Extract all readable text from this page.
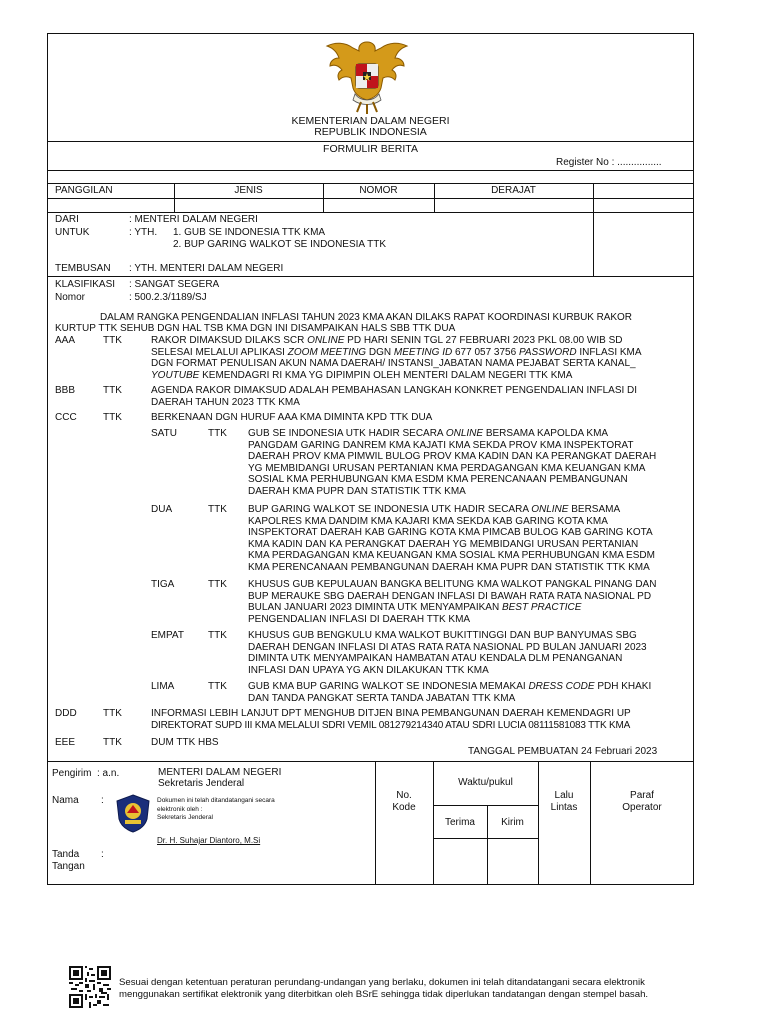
KEMENTERIAN DALAM NEGERI
REPUBLIK INDONESIA
FORMULIR BERITA
Register No : ................
PANGGILAN	JENIS	NOMOR	DERAJAT
DARI	: MENTERI DALAM NEGERI
UNTUK	: YTH. 1. GUB SE INDONESIA TTK KMA
2. BUP GARING WALKOT SE INDONESIA TTK
TEMBUSAN : YTH. MENTERI DALAM NEGERI
KLASIFIKASI : SANGAT SEGERA
Nomor	: 500.2.3/1189/SJ
DALAM RANGKA PENGENDALIAN INFLASI TAHUN 2023 KMA AKAN DILAKS RAPAT KOORDINASI KURBUK RAKOR
KURTUP TTK SEHUB DGN HAL TSB KMA DGN INI DISAMPAIKAN HALS SBB TTK DUA
AAA	TTK	RAKOR DIMAKSUD DILAKS SCR ONLINE PD HARI SENIN TGL 27 FEBRUARI 2023 PKL 08.00 WIB SD
SELESAI MELALUI APLIKASI ZOOM MEETING DGN MEETING ID 677 057 3756 PASSWORD INFLASI KMA
DGN FORMAT PENULISAN AKUN NAMA DAERAH/ INSTANSI_JABATAN NAMA PEJABAT SERTA KANAL_
YOUTUBE KEMENDAGRI RI KMA YG DIPIMPIN OLEH MENTERI DALAM NEGERI TTK KMA
BBB	TTK	AGENDA RAKOR DIMAKSUD ADALAH PEMBAHASAN LANGKAH KONKRET PENGENDALIAN INFLASI DI
DAERAH TAHUN 2023 TTK KMA
CCC	TTK	BERKENAAN DGN HURUF AAA KMA DIMINTA KPD TTK DUA
SATU	TTK GUB SE INDONESIA UTK HADIR SECARA ONLINE BERSAMA KAPOLDA KMA
PANGDAM GARING DANREM KMA KAJATI KMA SEKDA PROV KMA INSPEKTORAT
DAERAH PROV KMA PIMWIL BULOG PROV KMA KADIN DAN KA PERANGKAT DAERAH
YG MEMBIDANGI URUSAN PERTANIAN KMA PERDAGANGAN KMA KEUANGAN KMA
SOSIAL KMA PERHUBUNGAN KMA ESDM KMA PERENCANAAN PEMBANGUNAN
DAERAH KMA PUPR DAN STATISTIK TTK KMA
DUA	TTK BUP GARING WALKOT SE INDONESIA UTK HADIR SECARA ONLINE BERSAMA
KAPOLRES KMA DANDIM KMA KAJARI KMA SEKDA KAB GARING KOTA KMA
INSPEKTORAT DAERAH KAB GARING KOTA KMA PIMCAB BULOG KAB GARING KOTA
KMA KADIN DAN KA PERANGKAT DAERAH YG MEMBIDANGI URUSAN PERTANIAN
KMA PERDAGANGAN KMA KEUANGAN KMA SOSIAL KMA PERHUBUNGAN KMA ESDM
KMA PERENCANAAN PEMBANGUNAN DAERAH KMA PUPR DAN STATISTIK TTK KMA
TIGA	TTK KHUSUS GUB KEPULAUAN BANGKA BELITUNG KMA WALKOT PANGKAL PINANG DAN
BUP MERAUKE SBG DAERAH DENGAN INFLASI DI BAWAH RATA RATA NASIONAL PD
BULAN JANUARI 2023 DIMINTA UTK MENYAMPAIKAN BEST PRACTICE
PENGENDALIAN INFLASI DI DAERAH TTK KMA
EMPAT TTK KHUSUS GUB BENGKULU KMA WALKOT BUKITTINGGI DAN BUP BANYUMAS SBG
DAERAH DENGAN INFLASI DI ATAS RATA RATA NASIONAL PD BULAN JANUARI 2023
DIMINTA UTK MENYAMPAIKAN HAMBATAN ATAU KENDALA DLM PENANGANAN
INFLASI DAN UPAYA YG AKN DILAKUKAN TTK KMA
LIMA	TTK GUB KMA BUP GARING WALKOT SE INDONESIA MEMAKAI DRESS CODE PDH KHAKI
DAN TANDA PANGKAT SERTA TANDA JABATAN TTK KMA
DDD	TTK	INFORMASI LEBIH LANJUT DPT MENGHUB DITJEN BINA PEMBANGUNAN DAERAH KEMENDAGRI UP
DIREKTORAT SUPD III KMA MELALUI SDRI VEMIL 081279214340 ATAU SDRI LUCIA 08111581083 TTK KMA
EEE	TTK	DUM TTK HBS
TANGGAL PEMBUATAN 24 Februari 2023
Pengirim : a.n.	MENTERI DALAM NEGERI
Sekretaris Jenderal
Nama :	Dokumen ini telah ditandatangani secara
elektronik oleh :
Sekretaris Jenderal
Dr. H. Suhajar Diantoro, M.Si
Tanda :
Tangan
No.
Kode
Waktu/pukul
Terima	Kirim
Lalu
Lintas
Paraf
Operator
Sesuai dengan ketentuan peraturan perundang-undangan yang berlaku, dokumen ini telah ditandatangani secara elektronik
menggunakan sertifikat elektronik yang diterbitkan oleh BSrE sehingga tidak diperlukan tandatangan dengan stempel basah.
